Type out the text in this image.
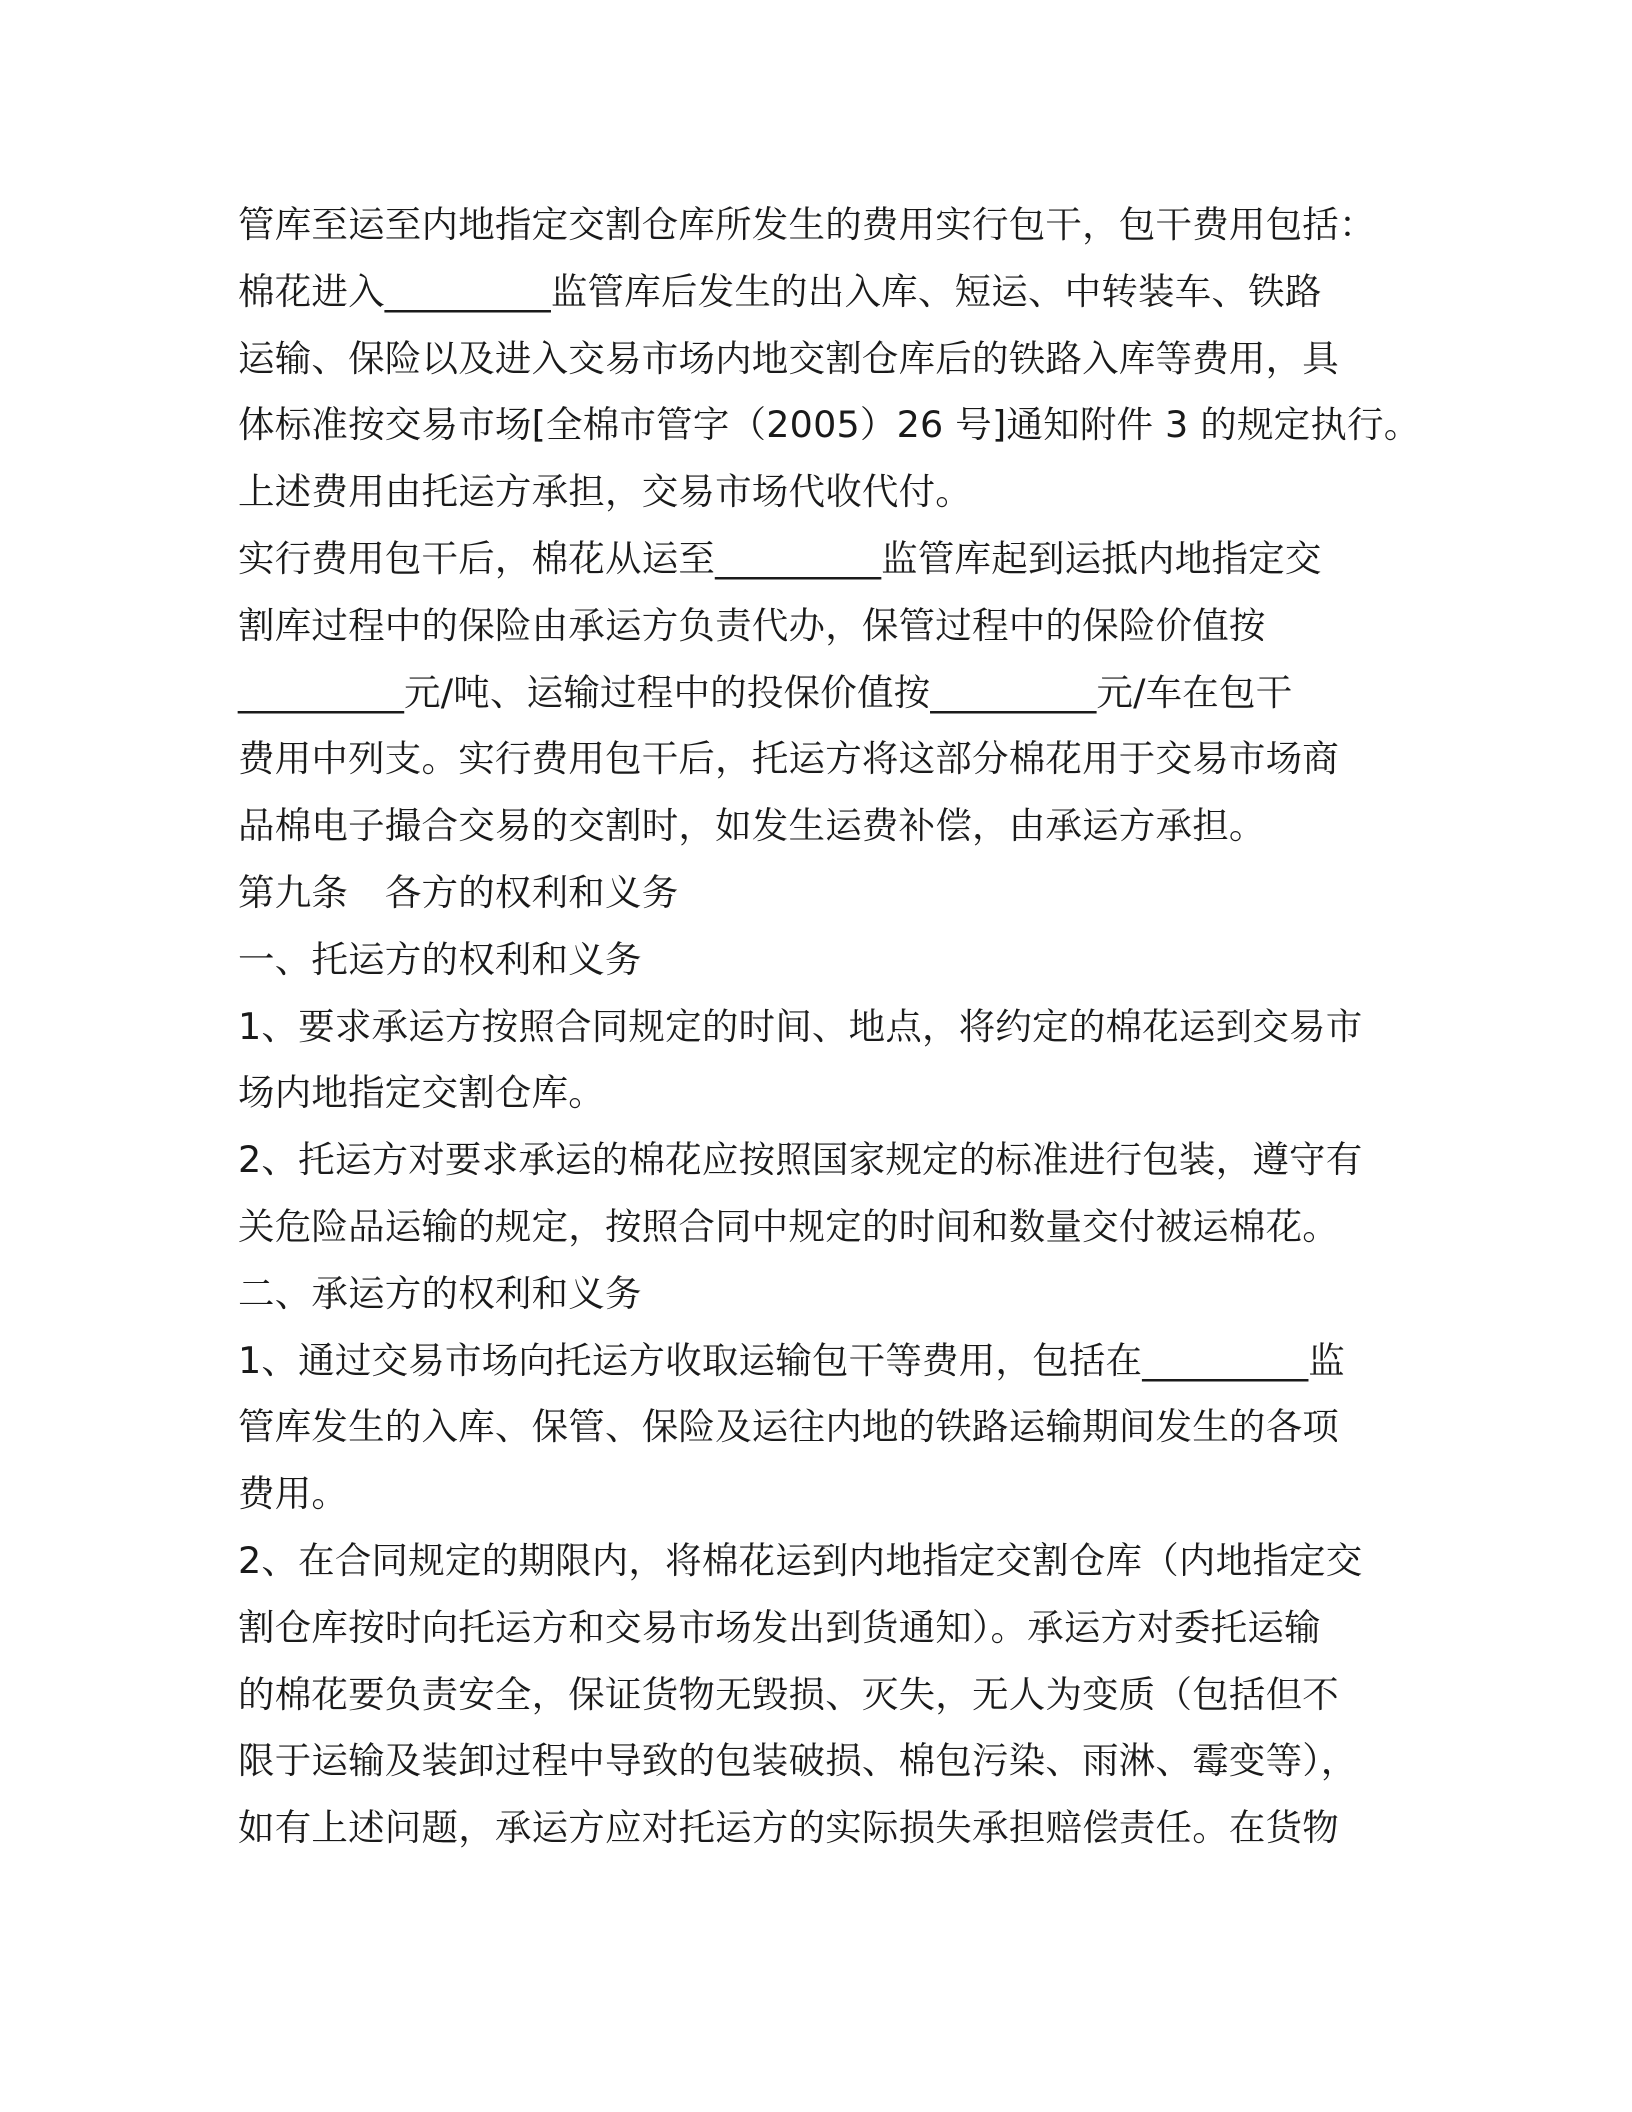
管库至运至内地指定交割仓库所发生的费用实行包干，包干费用包括：
棉花进入_________监管库后发生的出入库、短运、中转装车、铁路
运输、保险以及进入交易市场内地交割仓库后的铁路入库等费用，具
体标准按交易市场[全棉市管字（2005）26 号]通知附件 3 的规定执行。
上述费用由托运方承担，交易市场代收代付。
实行费用包干后，棉花从运至_________监管库起到运抵内地指定交
割库过程中的保险由承运方负责代办，保管过程中的保险价值按
_________元/吨、运输过程中的投保价值按_________元/车在包干
费用中列支。实行费用包干后，托运方将这部分棉花用于交易市场商
品棉电子撮合交易的交割时，如发生运费补偿，由承运方承担。
第九条　各方的权利和义务
一、托运方的权利和义务
1、要求承运方按照合同规定的时间、地点，将约定的棉花运到交易市
场内地指定交割仓库。
2、托运方对要求承运的棉花应按照国家规定的标准进行包装，遵守有
关危险品运输的规定，按照合同中规定的时间和数量交付被运棉花。
二、承运方的权利和义务
1、通过交易市场向托运方收取运输包干等费用，包括在_________监
管库发生的入库、保管、保险及运往内地的铁路运输期间发生的各项
费用。
2、在合同规定的期限内，将棉花运到内地指定交割仓库（内地指定交
割仓库按时向托运方和交易市场发出到货通知）。承运方对委托运输
的棉花要负责安全，保证货物无毁损、灭失，无人为变质（包括但不
限于运输及装卸过程中导致的包装破损、棉包污染、雨淋、霉变等），
如有上述问题，承运方应对托运方的实际损失承担赔偿责任。在货物
